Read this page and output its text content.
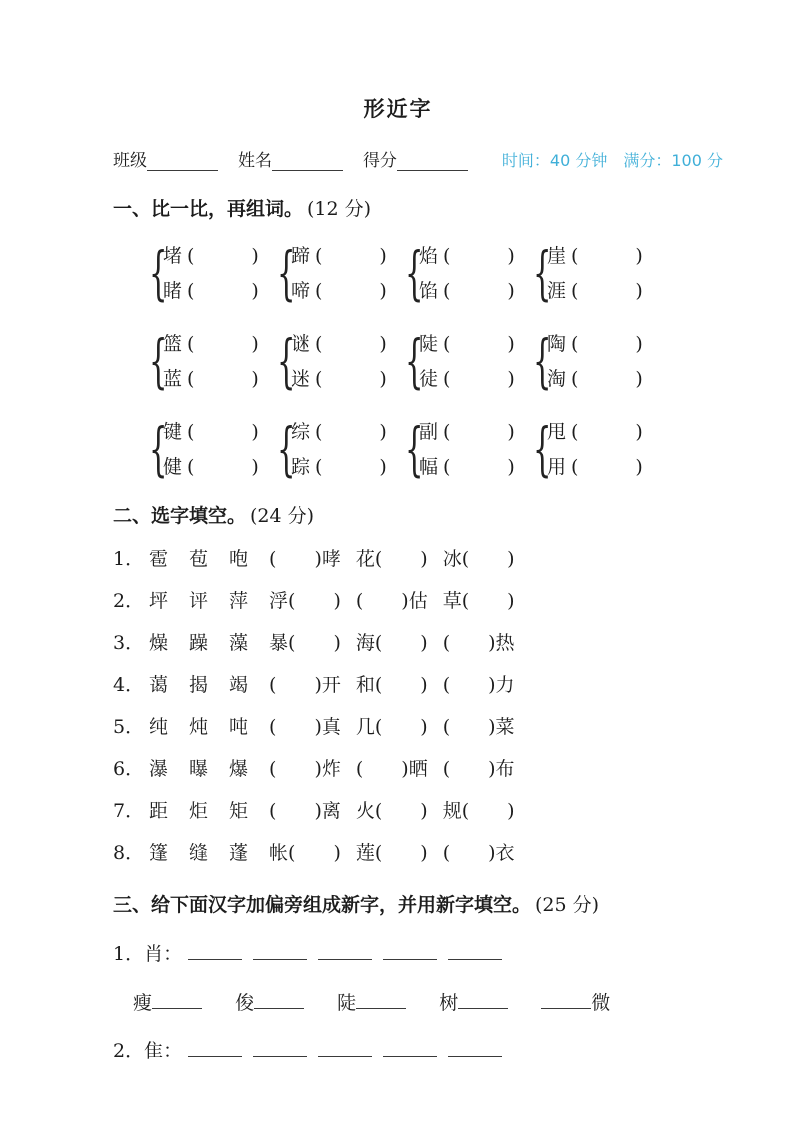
形近字
班级	姓名	得分	时间：40 分钟　满分：100 分
一、比一比，再组词。 (12 分)
{
堵 (　　　)
睹 (　　　) {
蹄 (　　　)
啼 (　　　) {
焰 (　　　)
馅 (　　　) {
崖 (　　　)
涯 (　　　)
{
篮 (　　　)
蓝 (　　　) {
谜 (　　　)
迷 (　　　) {
陡 (　　　)
徒 (　　　) {
陶 (　　　)
淘 (　　　)
{
键 (　　　)
健 (　　　) {
综 (　　　)
踪 (　　　) {
副 (　　　)
幅 (　　　) {
甩 (　　　)
用 (　　　)
二、选字填空。 (24 分)
1． 雹 苞 咆 (　　)哮 花(　　) 冰(　　)
2． 坪 评 萍 浮(　　) (　　)估 草(　　)
3． 燥 躁 藻 暴(　　) 海(　　) (　　)热
4． 蔼 揭 竭 (　　)开 和(　　) (　　)力
5． 纯 炖 吨 (　　)真 几(　　) (　　)菜
6． 瀑 曝 爆 (　　)炸 (　　)晒 (　　)布
7． 距 炬 矩 (　　)离 火(　　) 规(　　)
8． 篷 缝 蓬 帐(　　) 莲(　　) (　　)衣
三、给下面汉字加偏旁组成新字，并用新字填空。 (25 分)
1．肖：
瘦	俊	陡	树	微
2．隹：
